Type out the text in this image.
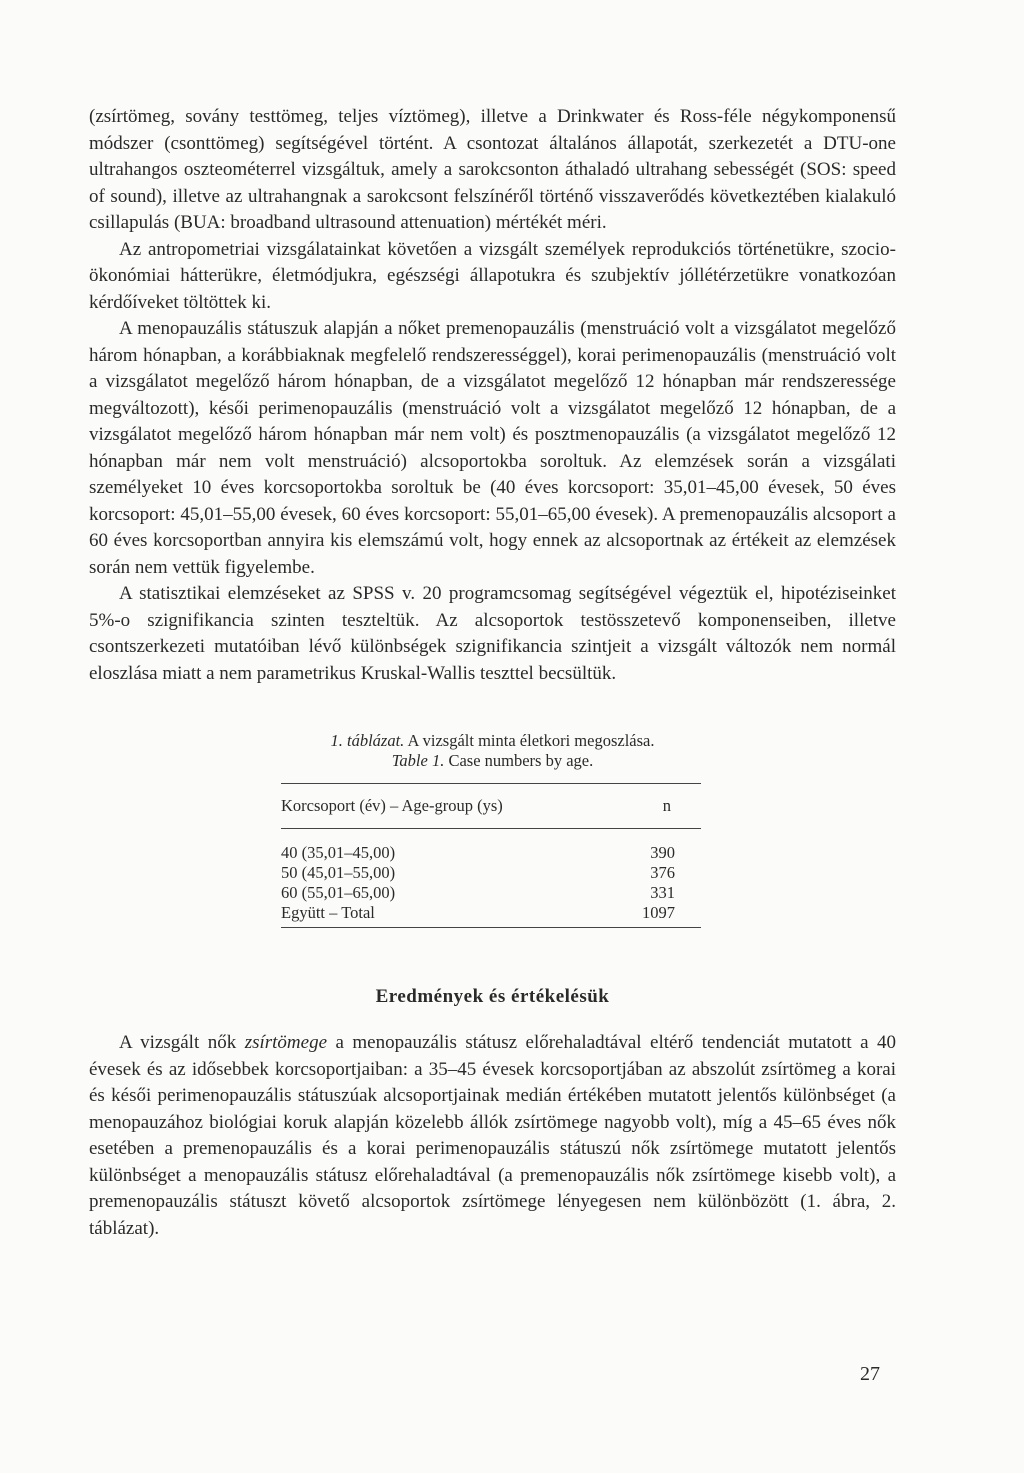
(zsírtömeg, sovány testtömeg, teljes víztömeg), illetve a Drinkwater és Ross-féle négykomponensű módszer (csonttömeg) segítségével történt. A csontozat általános állapotát, szerkezetét a DTU-one ultrahangos oszteométerrel vizsgáltuk, amely a sarokcsonton áthaladó ultrahang sebességét (SOS: speed of sound), illetve az ultrahangnak a sarokcsont felszínéről történő visszaverődés következtében kialakuló csillapulás (BUA: broadband ultrasound attenuation) mértékét méri.

Az antropometriai vizsgálatainkat követően a vizsgált személyek reprodukciós történetükre, szocio-ökonómiai hátterükre, életmódjukra, egészségi állapotukra és szubjektív jóllétérzetükre vonatkozóan kérdőíveket töltöttek ki.

A menopauzális státuszuk alapján a nőket premenopauzális (menstruáció volt a vizsgálatot megelőző három hónapban, a korábbiaknak megfelelő rendszerességgel), korai perimenopauzális (menstruáció volt a vizsgálatot megelőző három hónapban, de a vizsgálatot megelőző 12 hónapban már rendszeressége megváltozott), késői perimenopauzális (menstruáció volt a vizsgálatot megelőző 12 hónapban, de a vizsgálatot megelőző három hónapban már nem volt) és posztmenopauzális (a vizsgálatot megelőző 12 hónapban már nem volt menstruáció) alcsoportokba soroltuk. Az elemzések során a vizsgálati személyeket 10 éves korcsoportokba soroltuk be (40 éves korcsoport: 35,01–45,00 évesek, 50 éves korcsoport: 45,01–55,00 évesek, 60 éves korcsoport: 55,01–65,00 évesek). A premenopauzális alcsoport a 60 éves korcsoportban annyira kis elemszámú volt, hogy ennek az alcsoportnak az értékeit az elemzések során nem vettük figyelembe.

A statisztikai elemzéseket az SPSS v. 20 programcsomag segítségével végeztük el, hipotéziseinket 5%-o szignifikancia szinten teszteltük. Az alcsoportok testösszetevő komponenseiben, illetve csontszerkezeti mutatóiban lévő különbségek szignifikancia szintjeit a vizsgált változók nem normál eloszlása miatt a nem parametrikus Kruskal-Wallis teszttel becsültük.

1. táblázat. A vizsgált minta életkori megoszlása.
Table 1. Case numbers by age.
Korcsoport (év) – Age-group (ys)	n
40 (35,01–45,00)	390
50 (45,01–55,00)	376
60 (55,01–65,00)	331
Együtt – Total	1097
Eredmények és értékelésük

A vizsgált nők zsírtömege a menopauzális státusz előrehaladtával eltérő tendenciát mutatott a 40 évesek és az idősebbek korcsoportjaiban: a 35–45 évesek korcsoportjában az abszolút zsírtömeg a korai és késői perimenopauzális státuszúak alcsoportjainak medián értékében mutatott jelentős különbséget (a menopauzához biológiai koruk alapján közelebb állók zsírtömege nagyobb volt), míg a 45–65 éves nők esetében a premenopauzális és a korai perimenopauzális státuszú nők zsírtömege mutatott jelentős különbséget a menopauzális státusz előrehaladtával (a premenopauzális nők zsírtömege kisebb volt), a premenopauzális státuszt követő alcsoportok zsírtömege lényegesen nem különbözött (1. ábra, 2. táblázat).

27
